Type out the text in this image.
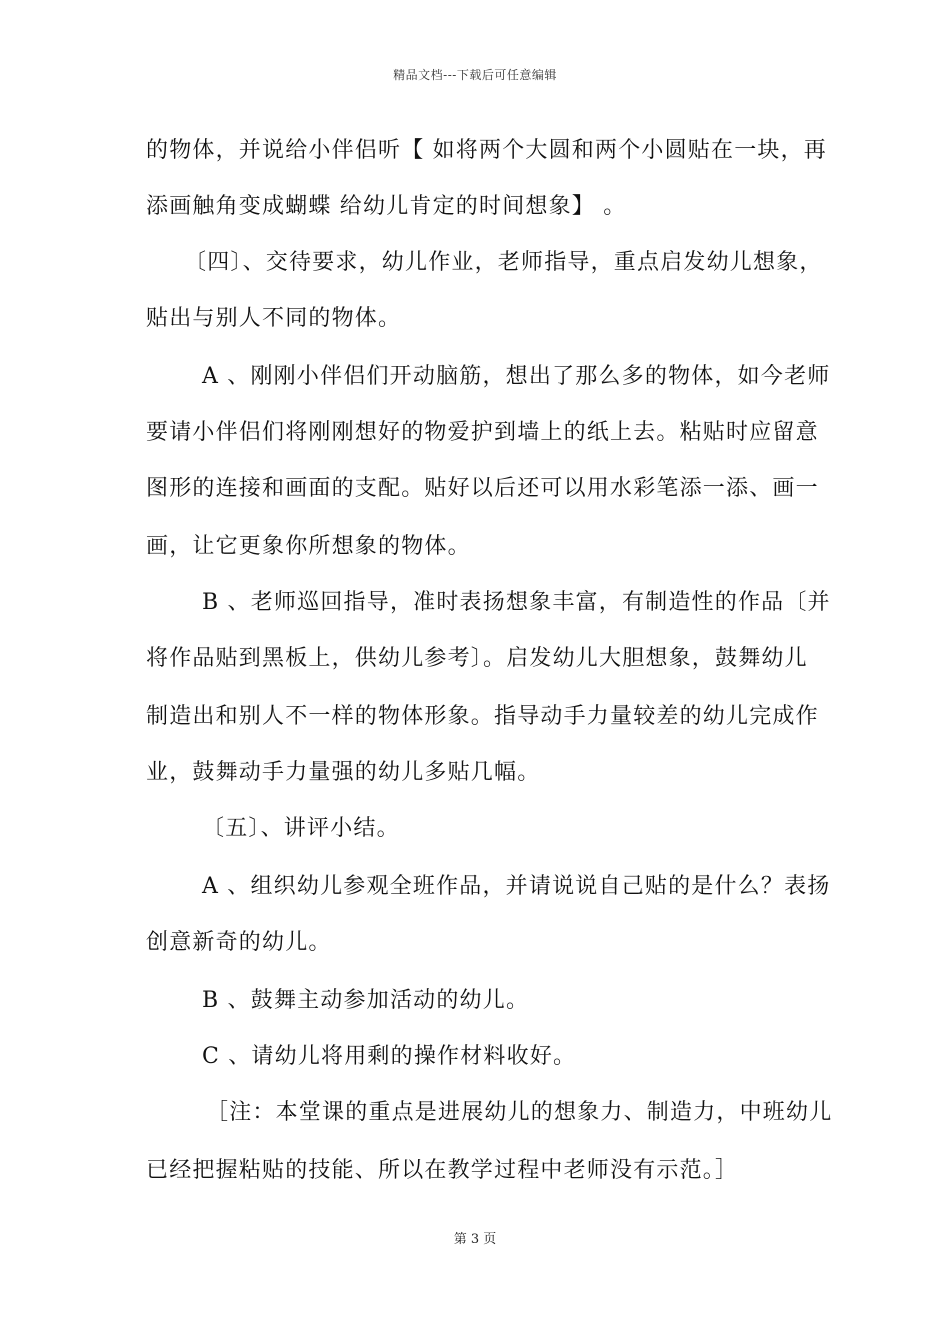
精品文档---下载后可任意编辑
的物体，并说给小伴侣听【 如将两个大圆和两个小圆贴在一块，再
添画触角变成蝴蝶 给幼儿肯定的时间想象】 。
〔四〕、交待要求，幼儿作业，老师指导，重点启发幼儿想象，
贴出与别人不同的物体。
A 、刚刚小伴侣们开动脑筋，想出了那么多的物体，如今老师
要请小伴侣们将刚刚想好的物爱护到墙上的纸上去。粘贴时应留意
图形的连接和画面的支配。贴好以后还可以用水彩笔添一添、画一
画，让它更象你所想象的物体。
B 、老师巡回指导，准时表扬想象丰富，有制造性的作品〔并
将作品贴到黑板上，供幼儿参考〕。启发幼儿大胆想象，鼓舞幼儿
制造出和别人不一样的物体形象。指导动手力量较差的幼儿完成作
业，鼓舞动手力量强的幼儿多贴几幅。
〔五〕、讲评小结。
A 、组织幼儿参观全班作品，并请说说自己贴的是什么？表扬
创意新奇的幼儿。
B 、鼓舞主动参加活动的幼儿。
C 、请幼儿将用剩的操作材料收好。
［注：本堂课的重点是进展幼儿的想象力、制造力，中班幼儿
已经把握粘贴的技能、所以在教学过程中老师没有示范。］
第 3 页
